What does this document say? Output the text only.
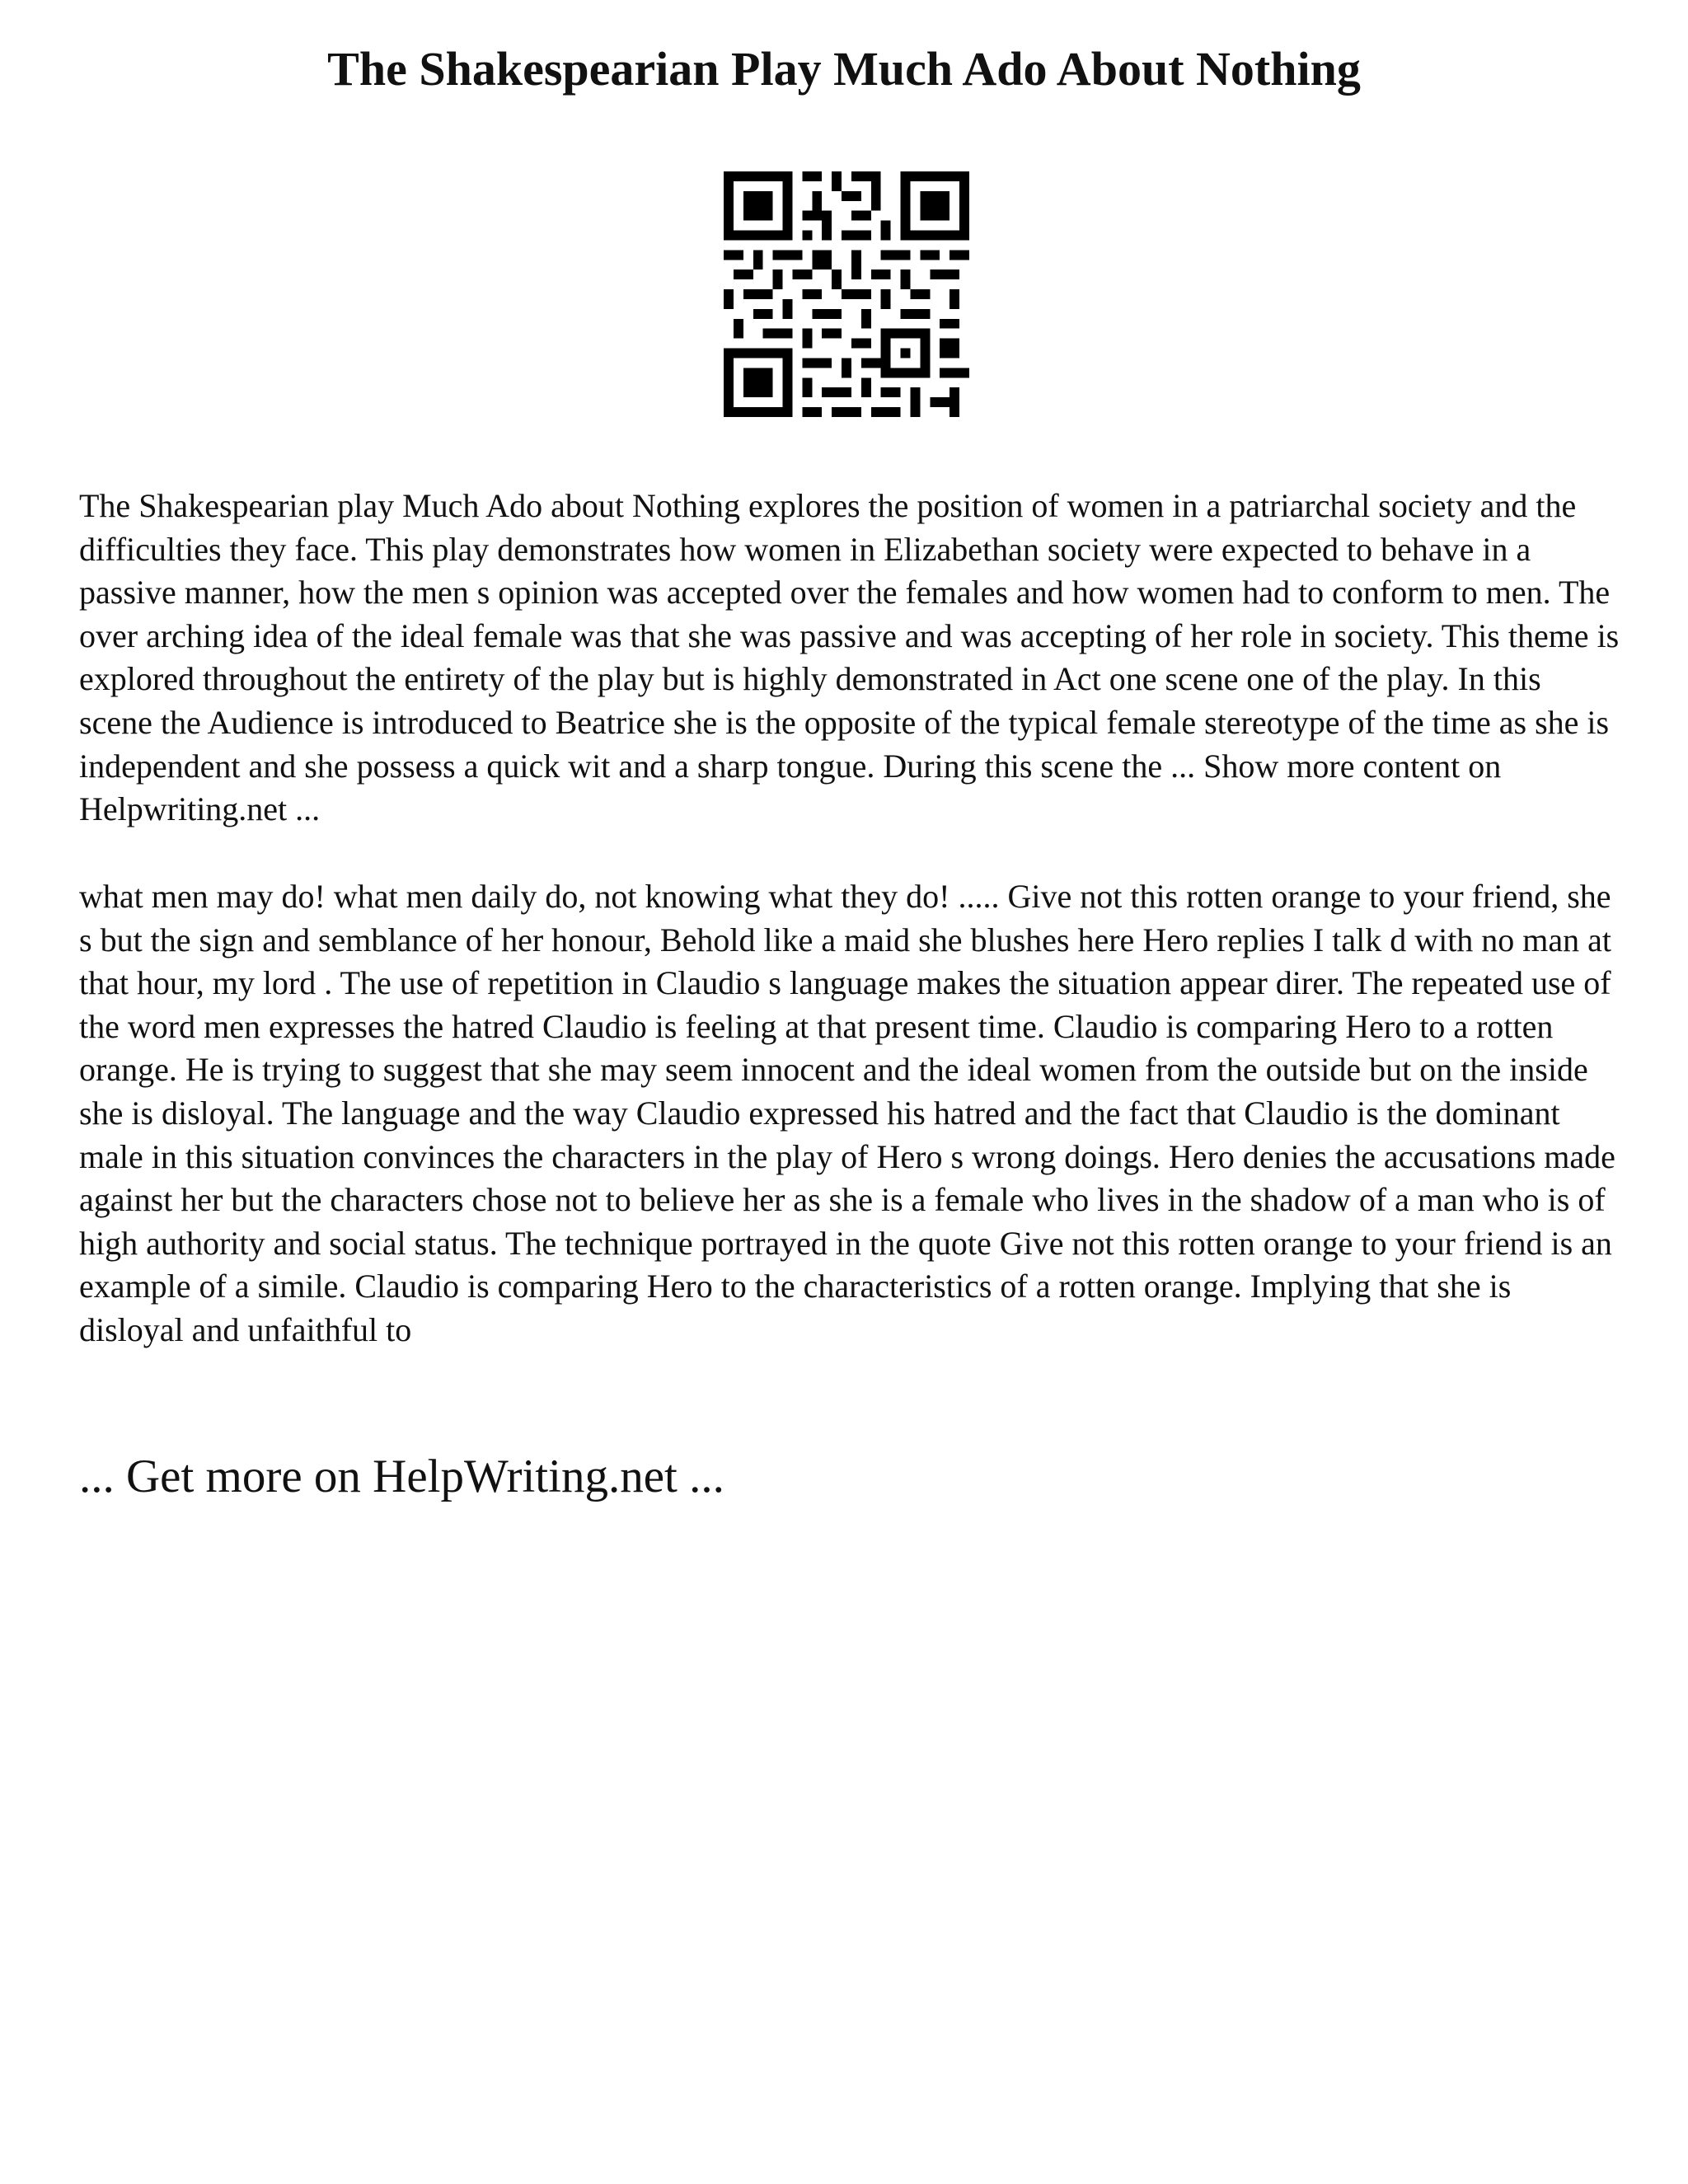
The Shakespearian Play Much Ado About Nothing

The Shakespearian play Much Ado about Nothing explores the position of women in a patriarchal society and the difficulties they face. This play demonstrates how women in Elizabethan society were expected to behave in a passive manner, how the men s opinion was accepted over the females and how women had to conform to men. The over arching idea of the ideal female was that she was passive and was accepting of her role in society. This theme is explored throughout the entirety of the play but is highly demonstrated in Act one scene one of the play. In this scene the Audience is introduced to Beatrice she is the opposite of the typical female stereotype of the time as she is independent and she possess a quick wit and a sharp tongue. During this scene the ... Show more content on Helpwriting.net ...

what men may do! what men daily do, not knowing what they do! ..... Give not this rotten orange to your friend, she s but the sign and semblance of her honour, Behold like a maid she blushes here Hero replies I talk d with no man at that hour, my lord . The use of repetition in Claudio s language makes the situation appear direr. The repeated use of the word men expresses the hatred Claudio is feeling at that present time. Claudio is comparing Hero to a rotten orange. He is trying to suggest that she may seem innocent and the ideal women from the outside but on the inside she is disloyal. The language and the way Claudio expressed his hatred and the fact that Claudio is the dominant male in this situation convinces the characters in the play of Hero s wrong doings. Hero denies the accusations made against her but the characters chose not to believe her as she is a female who lives in the shadow of a man who is of high authority and social status. The technique portrayed in the quote Give not this rotten orange to your friend is an example of a simile. Claudio is comparing Hero to the characteristics of a rotten orange. Implying that she is disloyal and unfaithful to

... Get more on HelpWriting.net ...
